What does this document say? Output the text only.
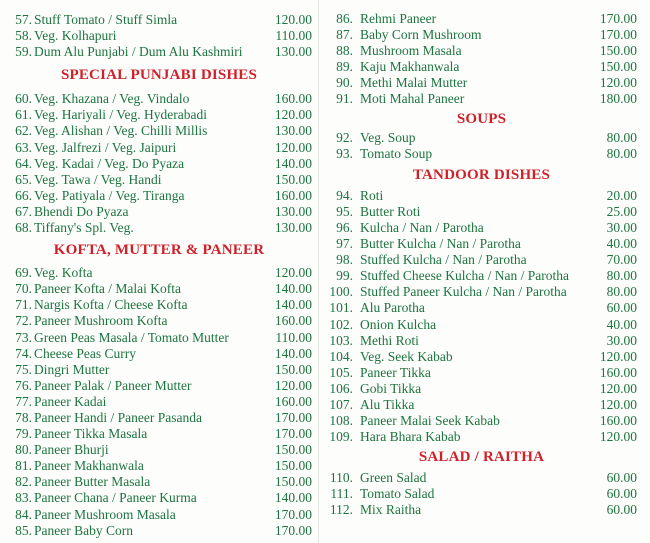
57. Stuff Tomato / Stuff Simla	120.00
58. Veg. Kolhapuri	110.00
59. Dum Alu Punjabi / Dum Alu Kashmiri 130.00
SPECIAL PUNJABI DISHES
60. Veg. Khazana / Veg. Vindalo	160.00
61. Veg. Hariyali / Veg. Hyderabadi	120.00
62. Veg. Alishan / Veg. Chilli Millis	130.00
63. Veg. Jalfrezi / Veg. Jaipuri	120.00
64. Veg. Kadai / Veg. Do Pyaza	140.00
65. Veg. Tawa / Veg. Handi	150.00
66. Veg. Patiyala / Veg. Tiranga	160.00
67. Bhendi Do Pyaza	130.00
68. Tiffany's Spl. Veg.	130.00
KOFTA, MUTTER & PANEER
69. Veg. Kofta	120.00
70. Paneer Kofta / Malai Kofta	140.00
71. Nargis Kofta / Cheese Kofta	140.00
72. Paneer Mushroom Kofta	160.00
73. Green Peas Masala / Tomato Mutter	110.00
74. Cheese Peas Curry	140.00
75. Dingri Mutter	150.00
76. Paneer Palak / Paneer Mutter	120.00
77. Paneer Kadai	160.00
78. Paneer Handi / Paneer Pasanda	170.00
79. Paneer Tikka Masala	170.00
80. Paneer Bhurji	150.00
81. Paneer Makhanwala	150.00
82. Paneer Butter Masala	150.00
83. Paneer Chana / Paneer Kurma	140.00
84. Paneer Mushroom Masala	170.00
85. Paneer Baby Corn	170.00
86. Rehmi Paneer	170.00
87. Baby Corn Mushroom	170.00
88. Mushroom Masala	150.00
89. Kaju Makhanwala	150.00
90. Methi Malai Mutter	120.00
91. Moti Mahal Paneer	180.00
SOUPS
92. Veg. Soup	80.00
93. Tomato Soup	80.00
TANDOOR DISHES
94. Roti	20.00
95. Butter Roti	25.00
96. Kulcha / Nan / Parotha	30.00
97. Butter Kulcha / Nan / Parotha	40.00
98. Stuffed Kulcha / Nan / Parotha	70.00
99. Stuffed Cheese Kulcha / Nan / Parotha	80.00
100. Stuffed Paneer Kulcha / Nan / Parotha	80.00
101. Alu Parotha	60.00
102. Onion Kulcha	40.00
103. Methi Roti	30.00
104. Veg. Seek Kabab	120.00
105. Paneer Tikka	160.00
106. Gobi Tikka	120.00
107. Alu Tikka	120.00
108. Paneer Malai Seek Kabab	160.00
109. Hara Bhara Kabab	120.00
SALAD / RAITHA
110. Green Salad	60.00
111. Tomato Salad	60.00
112. Mix Raitha	60.00
